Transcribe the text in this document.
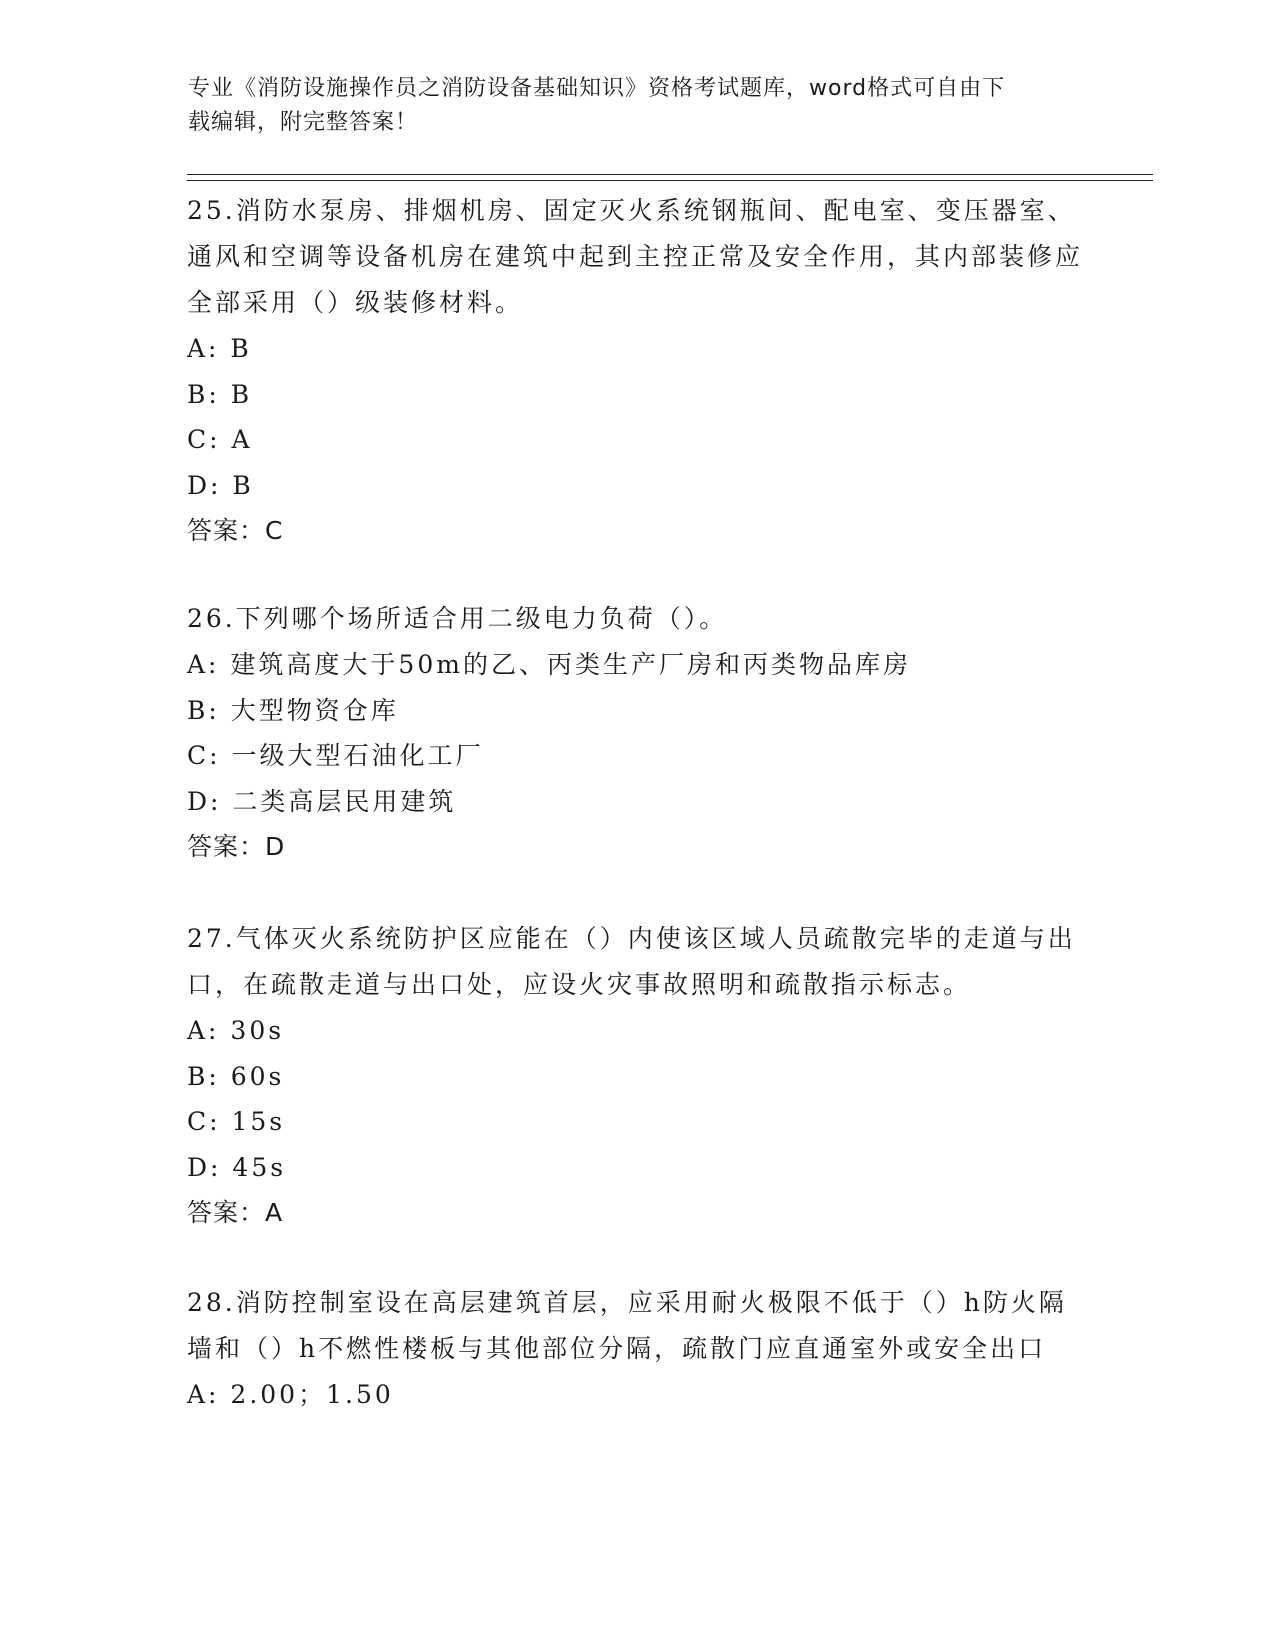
专业《消防设施操作员之消防设备基础知识》资格考试题库，word格式可自由下
载编辑，附完整答案！

25.消防水泵房、排烟机房、固定灭火系统钢瓶间、配电室、变压器室、通风和空调等设备机房在建筑中起到主控正常及安全作用，其内部装修应全部采用（）级装修材料。

A: B

B: B

C: A

D: B

答案：C

26.下列哪个场所适合用二级电力负荷（）。

A: 建筑高度大于50m的乙、丙类生产厂房和丙类物品库房

B: 大型物资仓库

C: 一级大型石油化工厂

D: 二类高层民用建筑

答案：D

27.气体灭火系统防护区应能在（）内使该区域人员疏散完毕的走道与出口，在疏散走道与出口处，应设火灾事故照明和疏散指示标志。

A: 30s

B: 60s

C: 15s

D: 45s

答案：A

28.消防控制室设在高层建筑首层，应采用耐火极限不低于（）h防火隔墙和（）h不燃性楼板与其他部位分隔，疏散门应直通室外或安全出口

A: 2.00；1.50
